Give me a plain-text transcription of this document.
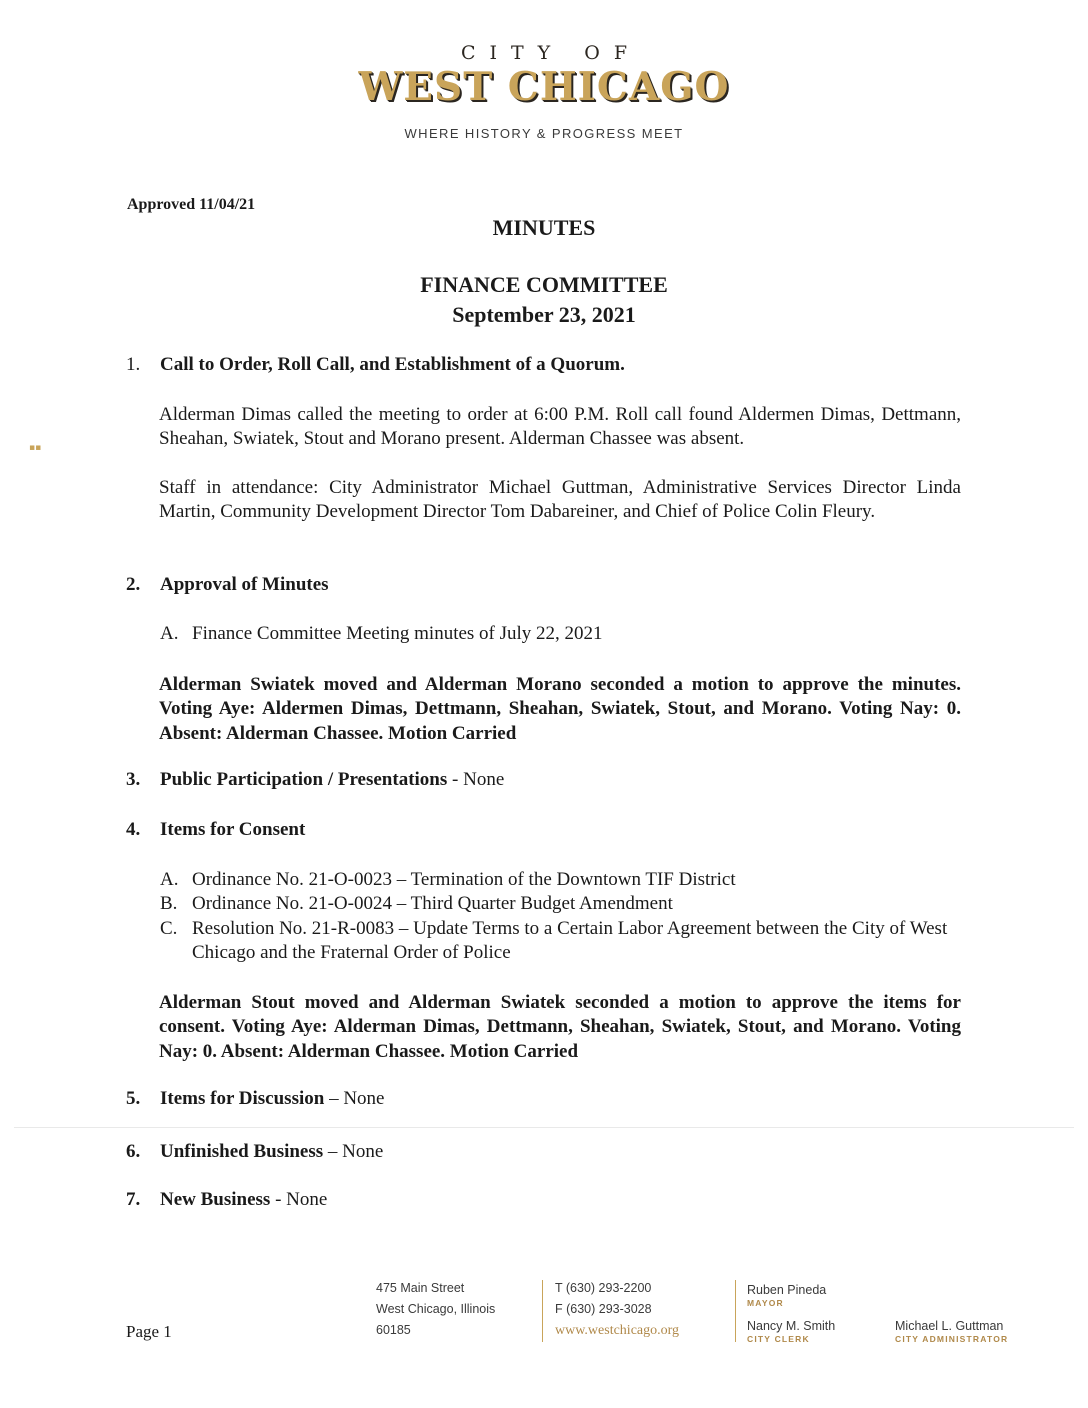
CITY OF
WEST CHICAGO
WHERE HISTORY & PROGRESS MEET
Approved 11/04/21
MINUTES
FINANCE COMMITTEE
September 23, 2021
1. Call to Order, Roll Call, and Establishment of a Quorum.
Alderman Dimas called the meeting to order at 6:00 P.M. Roll call found Aldermen Dimas, Dettmann, Sheahan, Swiatek, Stout and Morano present. Alderman Chassee was absent.
▪▪
Staff in attendance: City Administrator Michael Guttman, Administrative Services Director Linda Martin, Community Development Director Tom Dabareiner, and Chief of Police Colin Fleury.
2. Approval of Minutes
A. Finance Committee Meeting minutes of July 22, 2021
Alderman Swiatek moved and Alderman Morano seconded a motion to approve the minutes. Voting Aye: Aldermen Dimas, Dettmann, Sheahan, Swiatek, Stout, and Morano. Voting Nay: 0. Absent: Alderman Chassee. Motion Carried
3. Public Participation / Presentations - None
4. Items for Consent
A. Ordinance No. 21-O-0023 – Termination of the Downtown TIF District
B. Ordinance No. 21-O-0024 – Third Quarter Budget Amendment
C. Resolution No. 21-R-0083 – Update Terms to a Certain Labor Agreement between the City of West Chicago and the Fraternal Order of Police
Alderman Stout moved and Alderman Swiatek seconded a motion to approve the items for consent. Voting Aye: Alderman Dimas, Dettmann, Sheahan, Swiatek, Stout, and Morano. Voting Nay: 0. Absent: Alderman Chassee. Motion Carried
5. Items for Discussion – None
6. Unfinished Business – None
7. New Business - None
Page 1
475 Main Street
West Chicago, Illinois
60185
T (630) 293-2200
F (630) 293-3028
www.westchicago.org
Ruben Pineda
MAYOR
Nancy M. Smith
CITY CLERK
Michael L. Guttman
CITY ADMINISTRATOR
